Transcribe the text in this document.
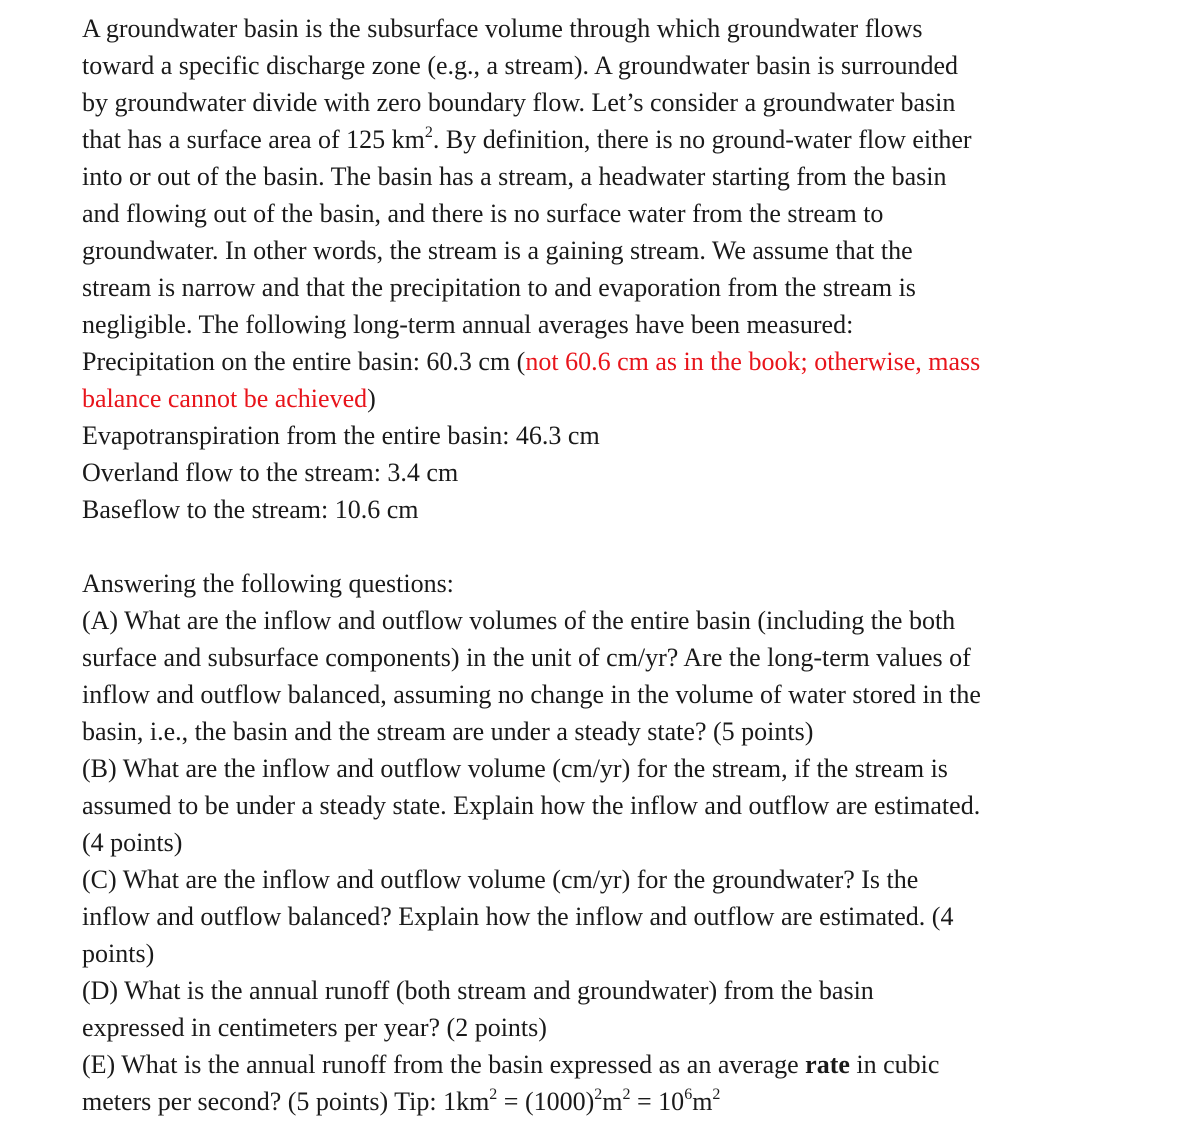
A groundwater basin is the subsurface volume through which groundwater flows
toward a specific discharge zone (e.g., a stream). A groundwater basin is surrounded
by groundwater divide with zero boundary flow. Let’s consider a groundwater basin
that has a surface area of 125 $km^2$. By definition, there is no ground-water flow either
into or out of the basin. The basin has a stream, a headwater starting from the basin
and flowing out of the basin, and there is no surface water from the stream to
groundwater. In other words, the stream is a gaining stream. We assume that the
stream is narrow and that the precipitation to and evaporation from the stream is
negligible. The following long-term annual averages have been measured:
Precipitation on the entire basin: 60.3 cm (not 60.6 cm as in the book; otherwise, mass
balance cannot be achieved)
Evapotranspiration from the entire basin: 46.3 cm
Overland flow to the stream: 3.4 cm
Baseflow to the stream: 10.6 cm
Answering the following questions:
(A) What are the inflow and outflow volumes of the entire basin (including the both
surface and subsurface components) in the unit of cm/yr? Are the long-term values of
inflow and outflow balanced, assuming no change in the volume of water stored in the
basin, i.e., the basin and the stream are under a steady state? (5 points)
(B) What are the inflow and outflow volume (cm/yr) for the stream, if the stream is
assumed to be under a steady state. Explain how the inflow and outflow are estimated.
(4 points)
(C) What are the inflow and outflow volume (cm/yr) for the groundwater? Is the
inflow and outflow balanced? Explain how the inflow and outflow are estimated. (4
points)
(D) What is the annual runoff (both stream and groundwater) from the basin
expressed in centimeters per year? (2 points)
(E) What is the annual runoff from the basin expressed as an average rate in cubic
meters per second? (5 points) Tip: $1km^2 = (1000)^2m^2 = 10^6m^2$
